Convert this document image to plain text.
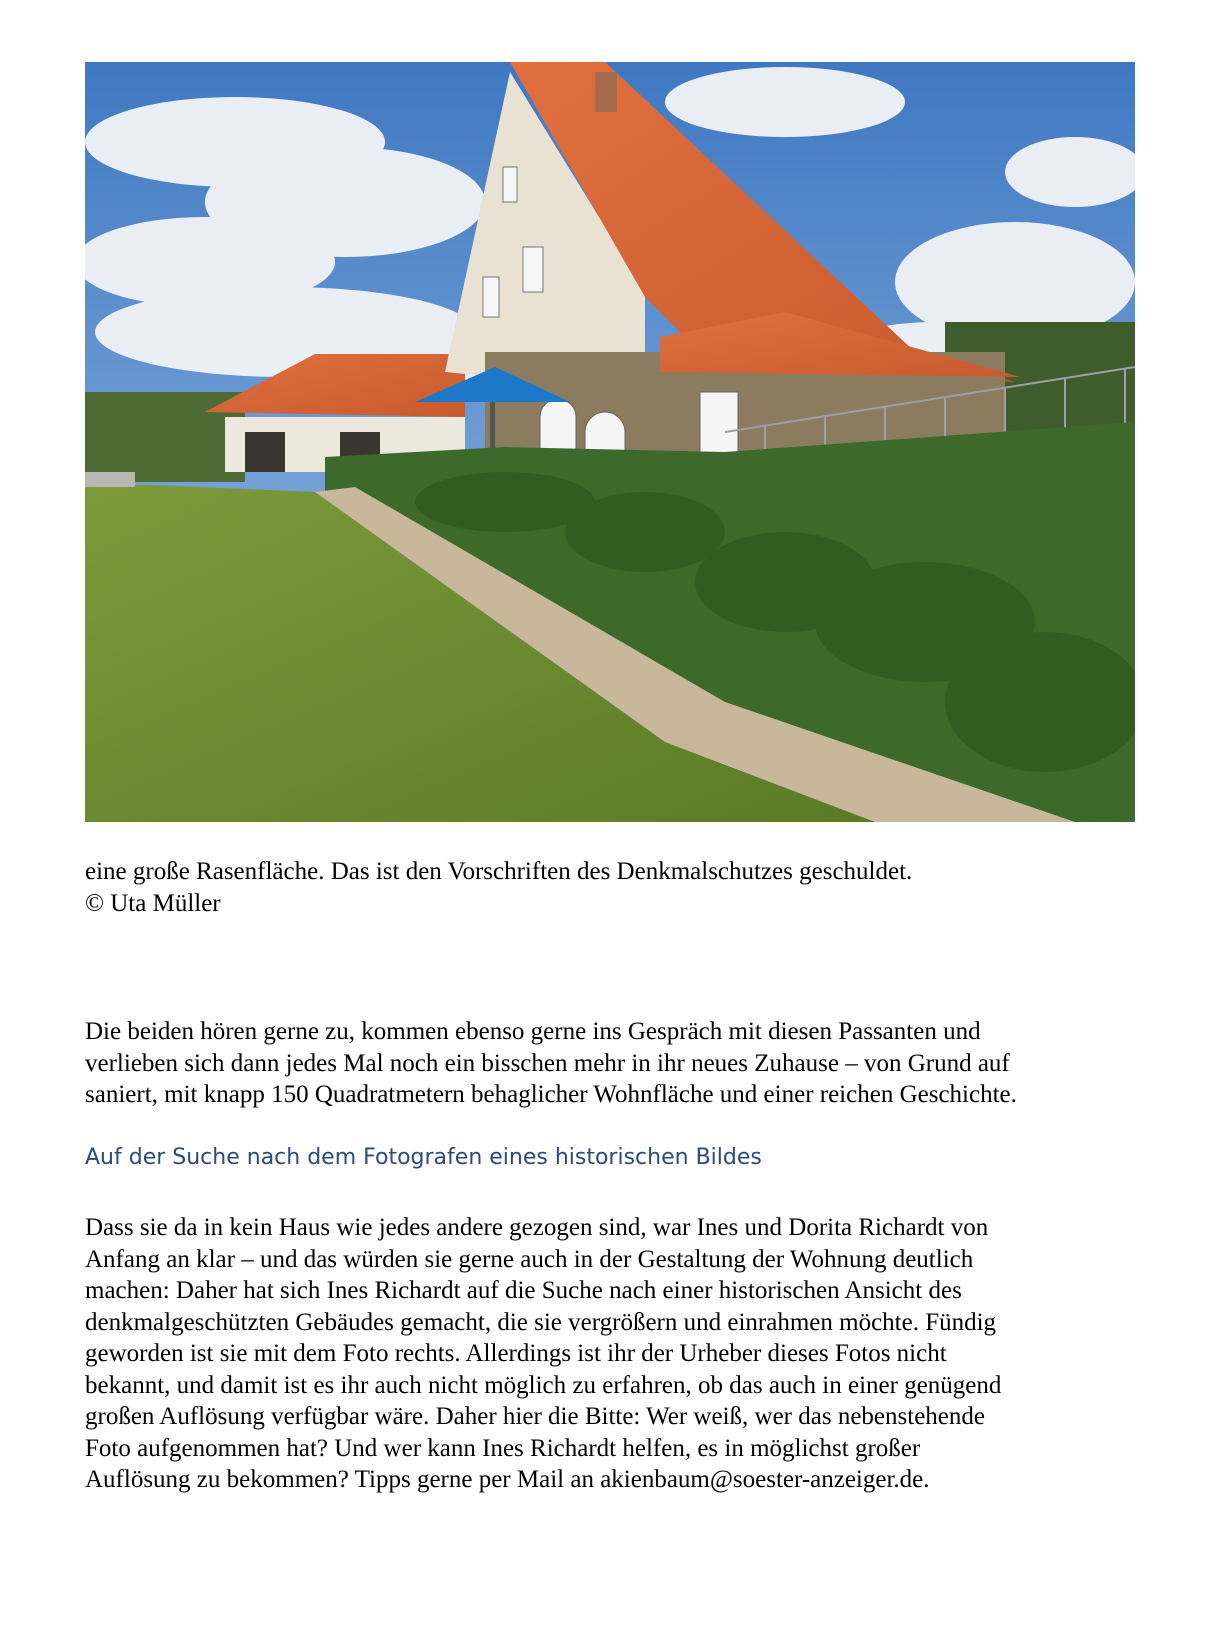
eine große Rasenfläche. Das ist den Vorschriften des Denkmalschutzes geschuldet.
© Uta Müller
Die beiden hören gerne zu, kommen ebenso gerne ins Gespräch mit diesen Passanten und
verlieben sich dann jedes Mal noch ein bisschen mehr in ihr neues Zuhause – von Grund auf
saniert, mit knapp 150 Quadratmetern behaglicher Wohnfläche und einer reichen Geschichte.
Auf der Suche nach dem Fotografen eines historischen Bildes
Dass sie da in kein Haus wie jedes andere gezogen sind, war Ines und Dorita Richardt von
Anfang an klar – und das würden sie gerne auch in der Gestaltung der Wohnung deutlich
machen: Daher hat sich Ines Richardt auf die Suche nach einer historischen Ansicht des
denkmalgeschützten Gebäudes gemacht, die sie vergrößern und einrahmen möchte. Fündig
geworden ist sie mit dem Foto rechts. Allerdings ist ihr der Urheber dieses Fotos nicht
bekannt, und damit ist es ihr auch nicht möglich zu erfahren, ob das auch in einer genügend
großen Auflösung verfügbar wäre. Daher hier die Bitte: Wer weiß, wer das nebenstehende
Foto aufgenommen hat? Und wer kann Ines Richardt helfen, es in möglichst großer
Auflösung zu bekommen? Tipps gerne per Mail an akienbaum@soester-anzeiger.de.
